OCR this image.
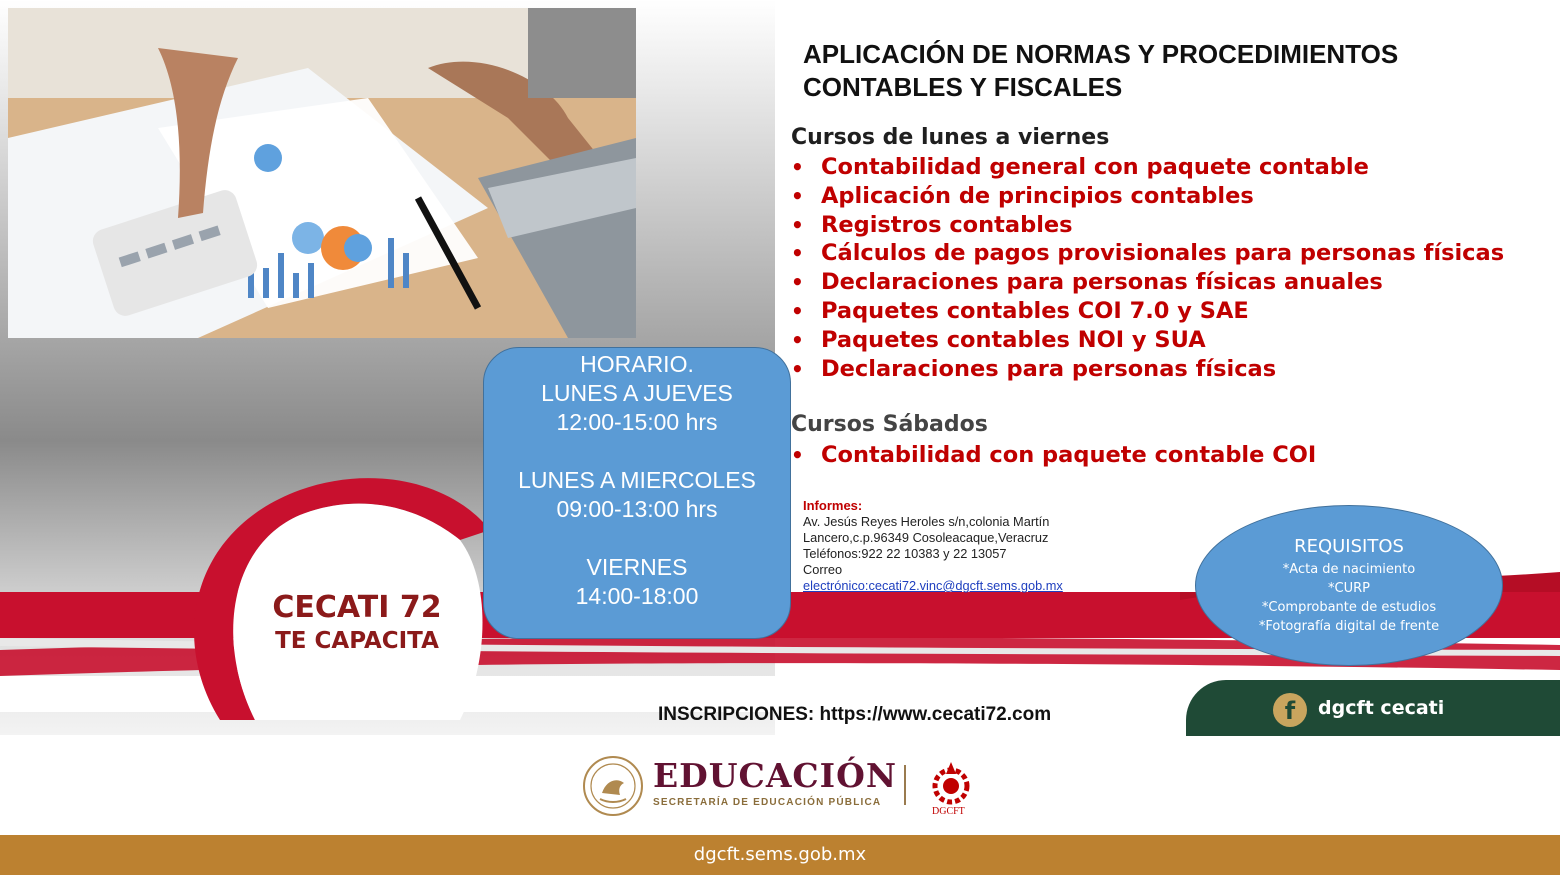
APLICACIÓN DE NORMAS Y PROCEDIMIENTOS
CONTABLES Y FISCALES
Cursos de lunes a viernes
• Contabilidad general con paquete contable
• Aplicación de principios contables
• Registros contables
• Cálculos de pagos provisionales para personas físicas
• Declaraciones para personas físicas anuales
• Paquetes contables COI 7.0 y SAE
• Paquetes contables NOI y SUA
• Declaraciones para personas físicas
Cursos Sábados
• Contabilidad con paquete contable COI
HORARIO.
LUNES A JUEVES
12:00-15:00 hrs
LUNES A MIERCOLES
09:00-13:00 hrs
VIERNES
14:00-18:00
Informes:
Av. Jesús Reyes Heroles s/n,colonia Martín
Lancero,c.p.96349 Cosoleacaque,Veracruz
Teléfonos:922 22 10383 y 22 13057
Correo
electrónico:cecati72.vinc@dgcft.sems.gob.mx
REQUISITOS
*Acta de nacimiento
*CURP
*Comprobante de estudios
*Fotografía digital de frente
CECATI 72
TE CAPACITA
INSCRIPCIONES: https://www.cecati72.com	f	dgcft cecati
EDUCACIÓN
SECRETARÍA DE EDUCACIÓN PÚBLICA
DGCFT
dgcft.sems.gob.mx
